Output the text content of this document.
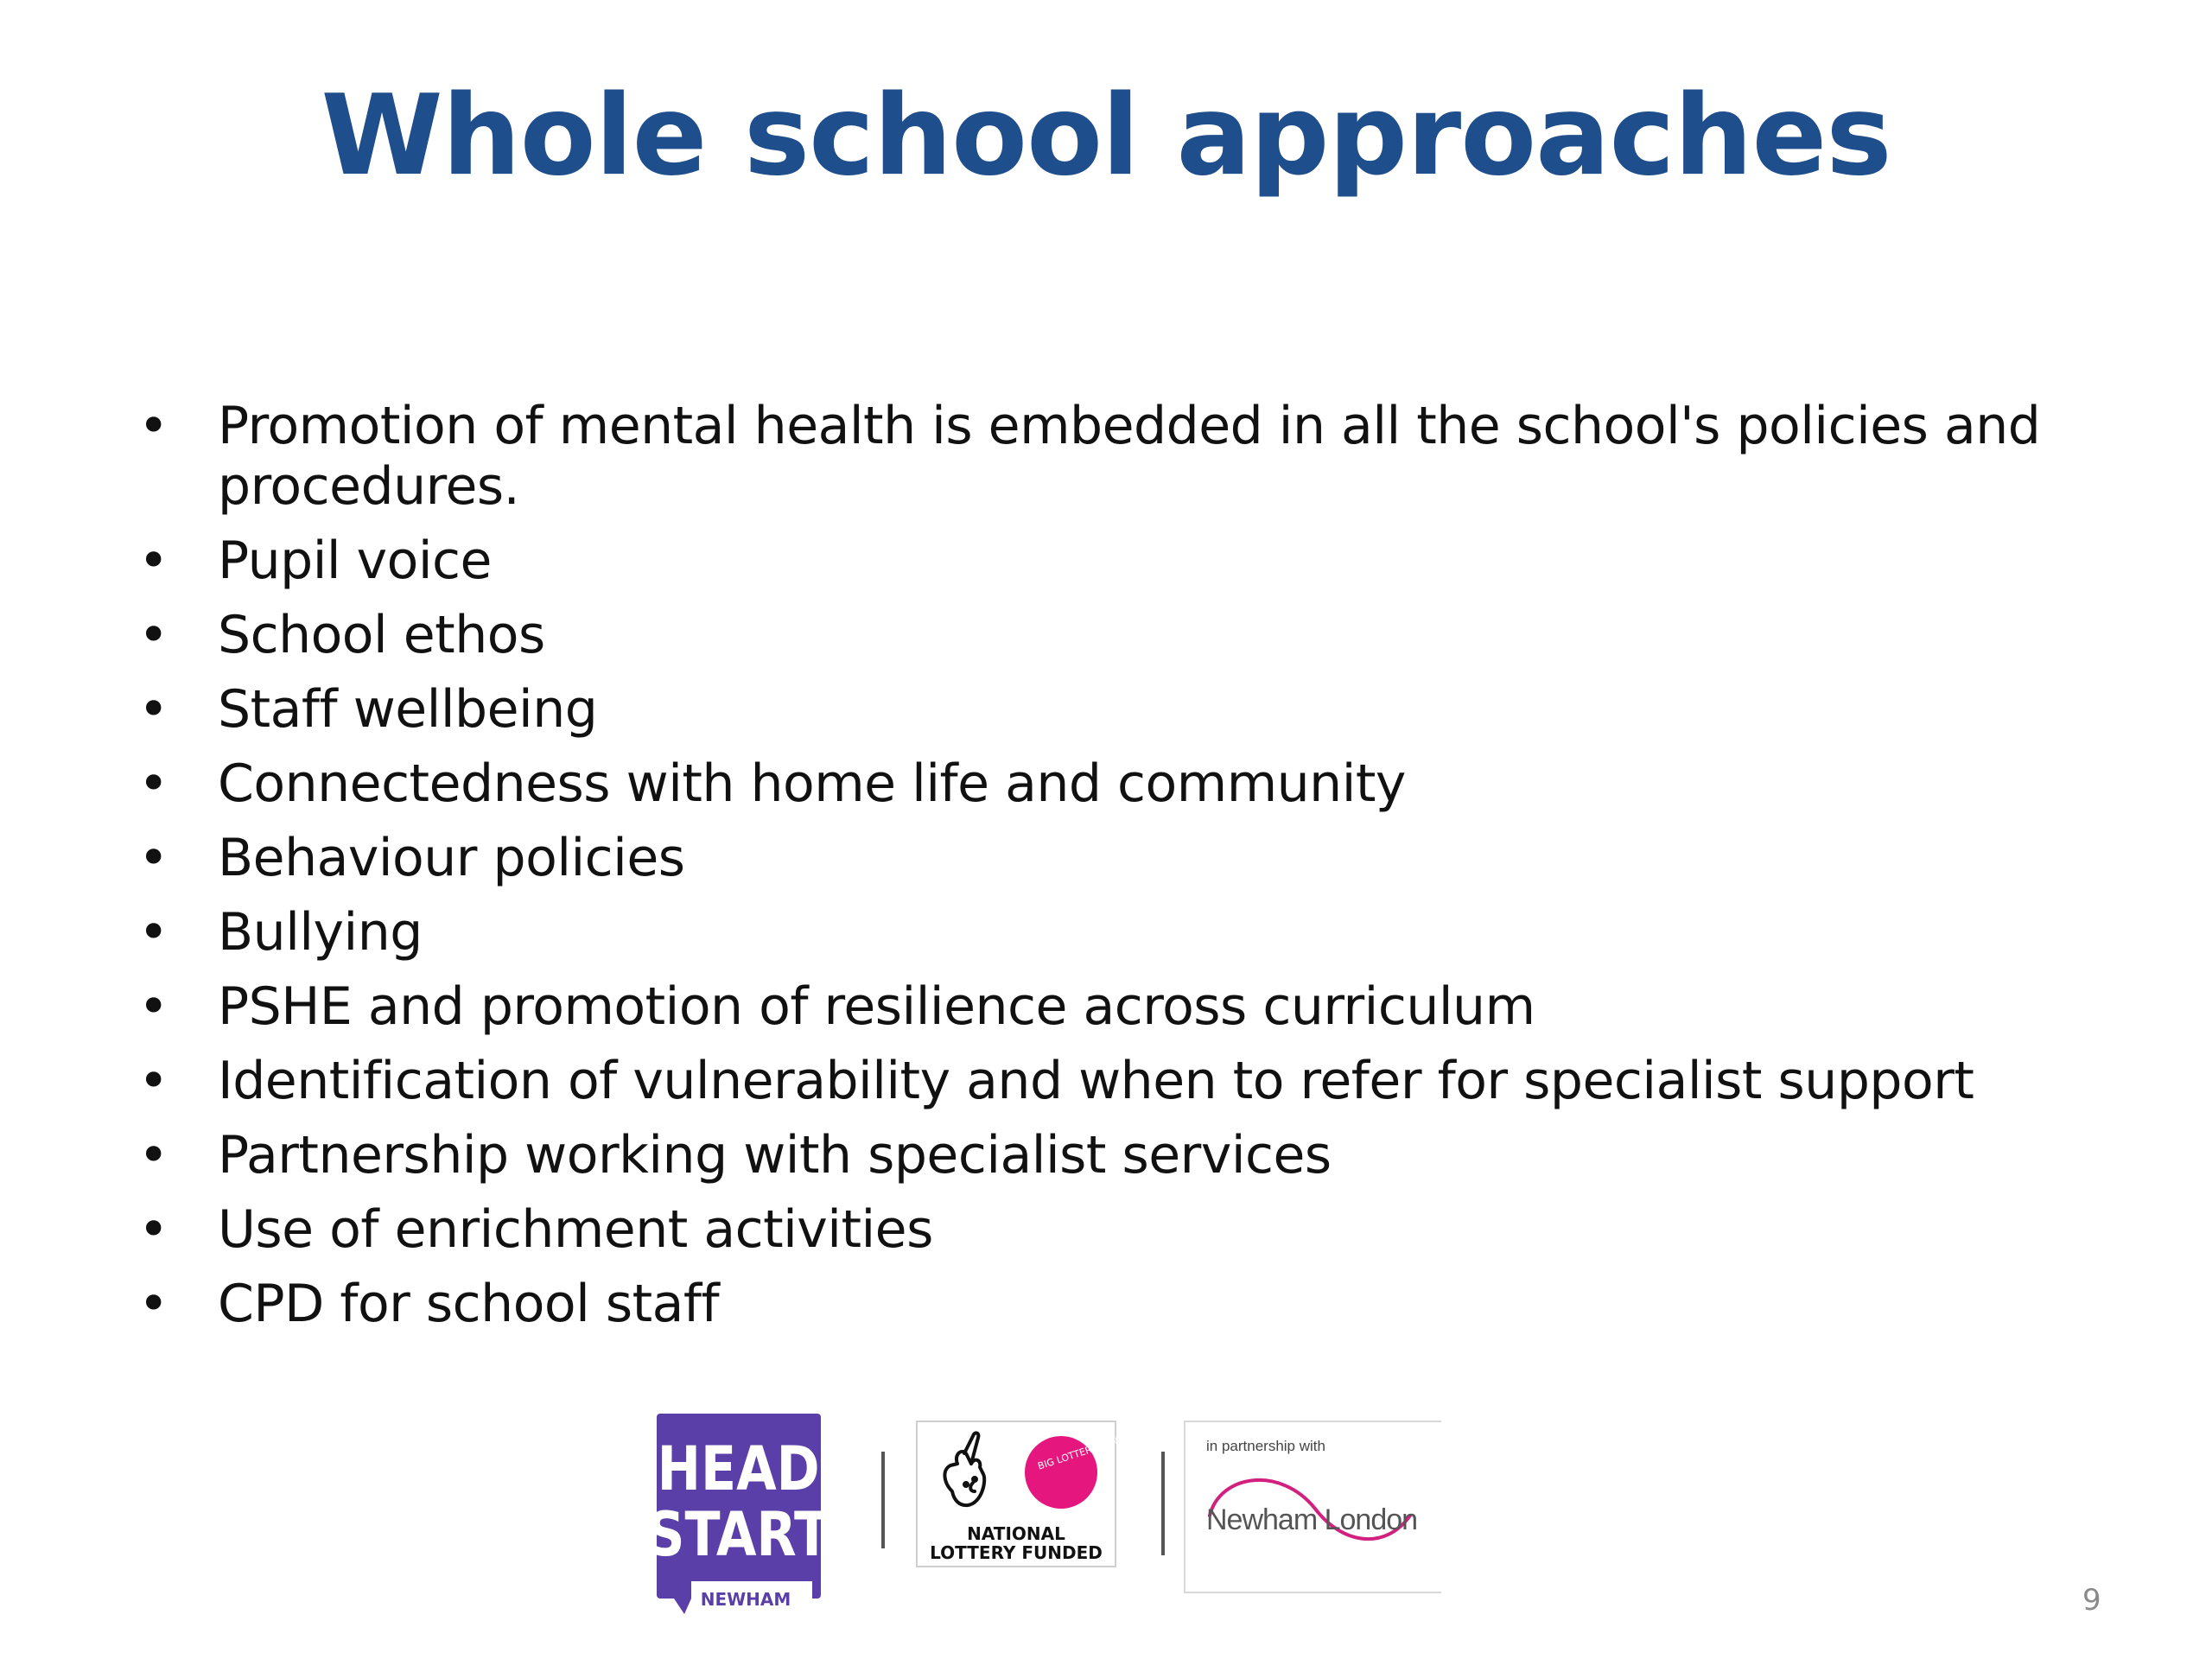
Whole school approaches
• Promotion of mental health is embedded in all the school's policies and
procedures.
• Pupil voice
• School ethos
• Staff wellbeing
• Connectedness with home life and community
• Behaviour policies
• Bullying
• PSHE and promotion of resilience across curriculum
• Identification of vulnerability and when to refer for specialist support
• Partnership working with specialist services
• Use of enrichment activities
• CPD for school staff
HEAD
START
NEWHAM
BIG LOTTERY FUND
NATIONAL
LOTTERY FUNDED
in partnership with
Newham London
9
